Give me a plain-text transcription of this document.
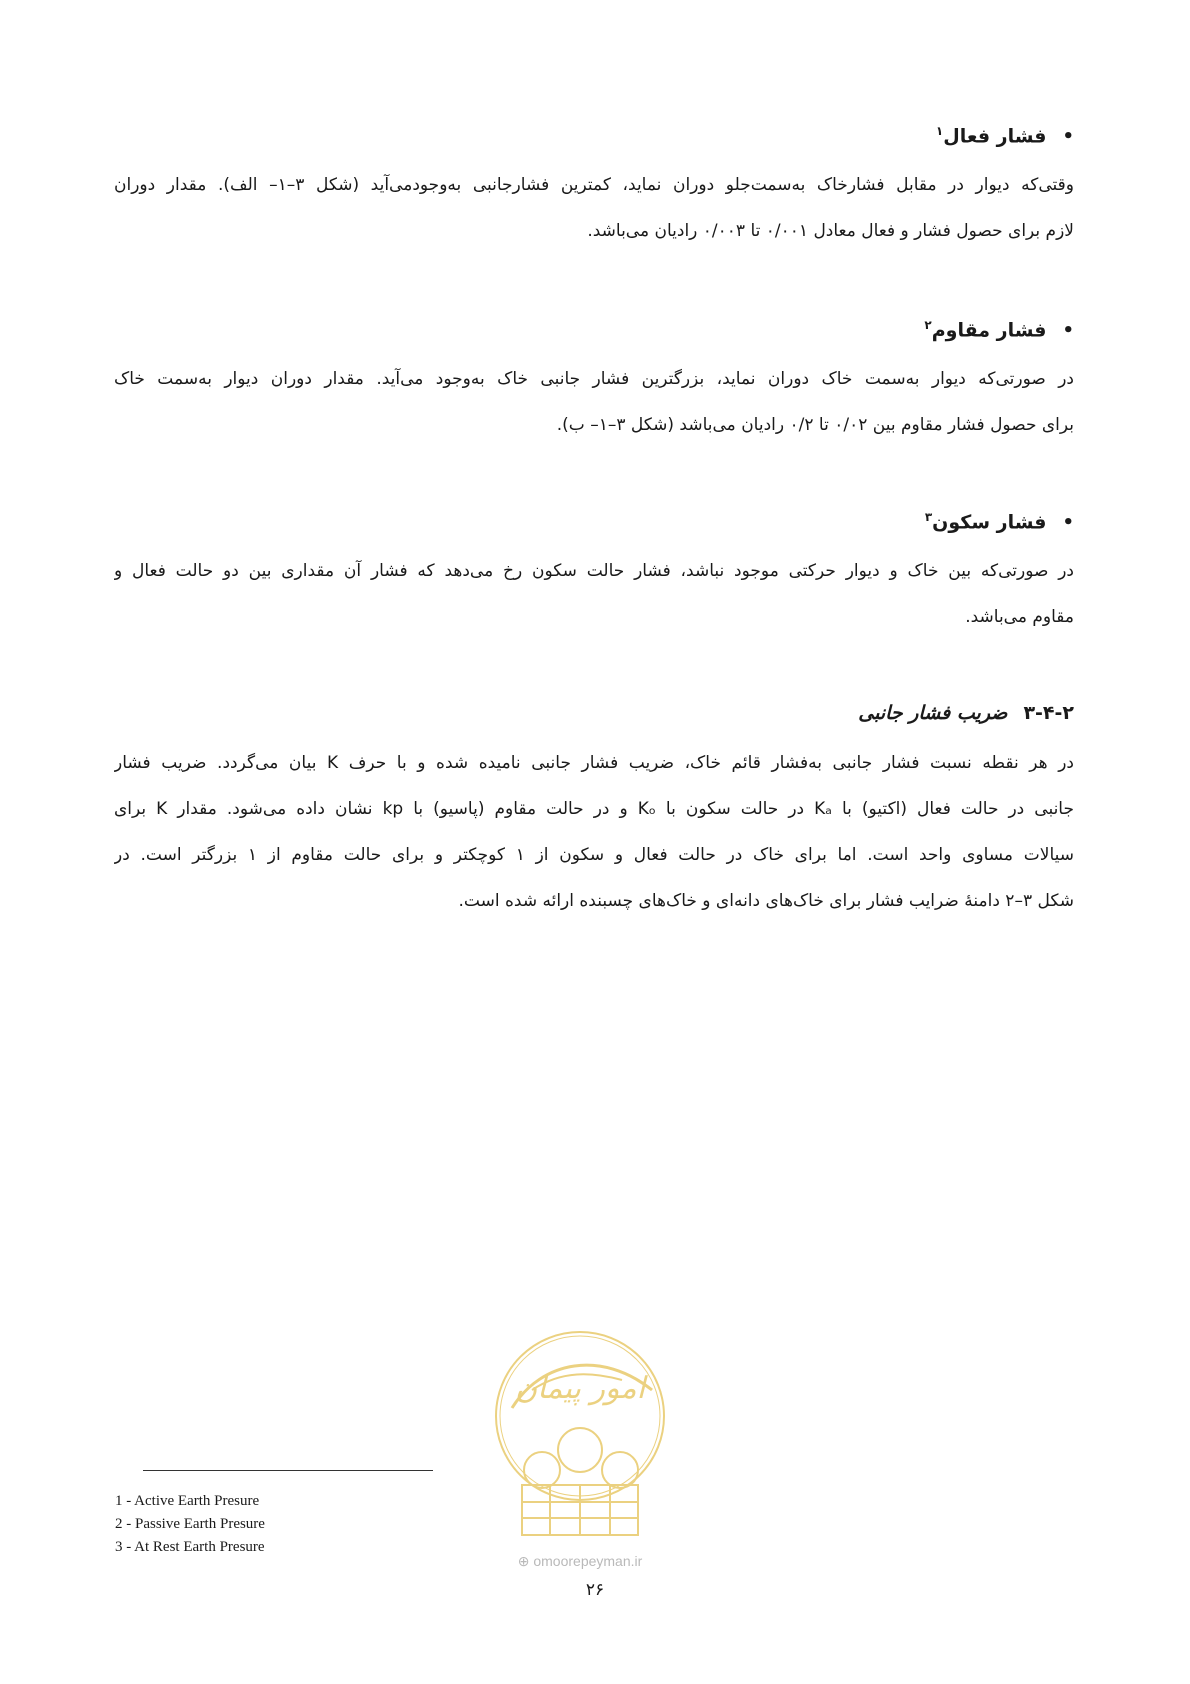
•فشار فعال$^۱$
وقتی‌که دیوار در مقابل فشارخاک به‌سمت‌جلو دوران نماید، کمترین فشارجانبی به‌وجودمی‌آید (شکل ۳–۱– الف). مقدار دوران
لازم برای حصول فشار و فعال معادل ۰/۰۰۱ تا ۰/۰۰۳ رادیان می‌باشد.
•فشار مقاوم$^۲$
در صورتی‌که دیوار به‌سمت خاک دوران نماید، بزرگترین فشار جانبی خاک به‌وجود می‌آید. مقدار دوران دیوار به‌سمت خاک
برای حصول فشار مقاوم بین ۰/۰۲ تا ۰/۲ رادیان می‌باشد (شکل ۳–۱– ب).
•فشار سکون$^۳$
در صورتی‌که بین خاک و دیوار حرکتی موجود نباشد، فشار حالت سکون رخ می‌دهد که فشار آن مقداری بین دو حالت فعال و
مقاوم می‌باشد.
۳-۴-۲ضریب فشار جانبی
در هر نقطه نسبت فشار جانبی به‌فشار قائم خاک، ضریب فشار جانبی نامیده شده و با حرف K بیان می‌گردد. ضریب فشار
جانبی در حالت فعال (اکتیو) با Kₐ در حالت سکون با Kₒ و در حالت مقاوم (پاسیو) با kp نشان داده می‌شود. مقدار K برای
سیالات مساوی واحد است. اما برای خاک در حالت فعال و سکون از ۱ کوچکتر و برای حالت مقاوم از ۱ بزرگتر است. در
شکل ۳–۲ دامنهٔ ضرایب فشار برای خاک‌های دانه‌ای و خاک‌های چسبنده ارائه شده است.
امور پیمان
⊕ omoorepeyman.ir
1 - Active Earth Presure
2 - Passive Earth Presure
3 - At Rest Earth Presure
۲۶
